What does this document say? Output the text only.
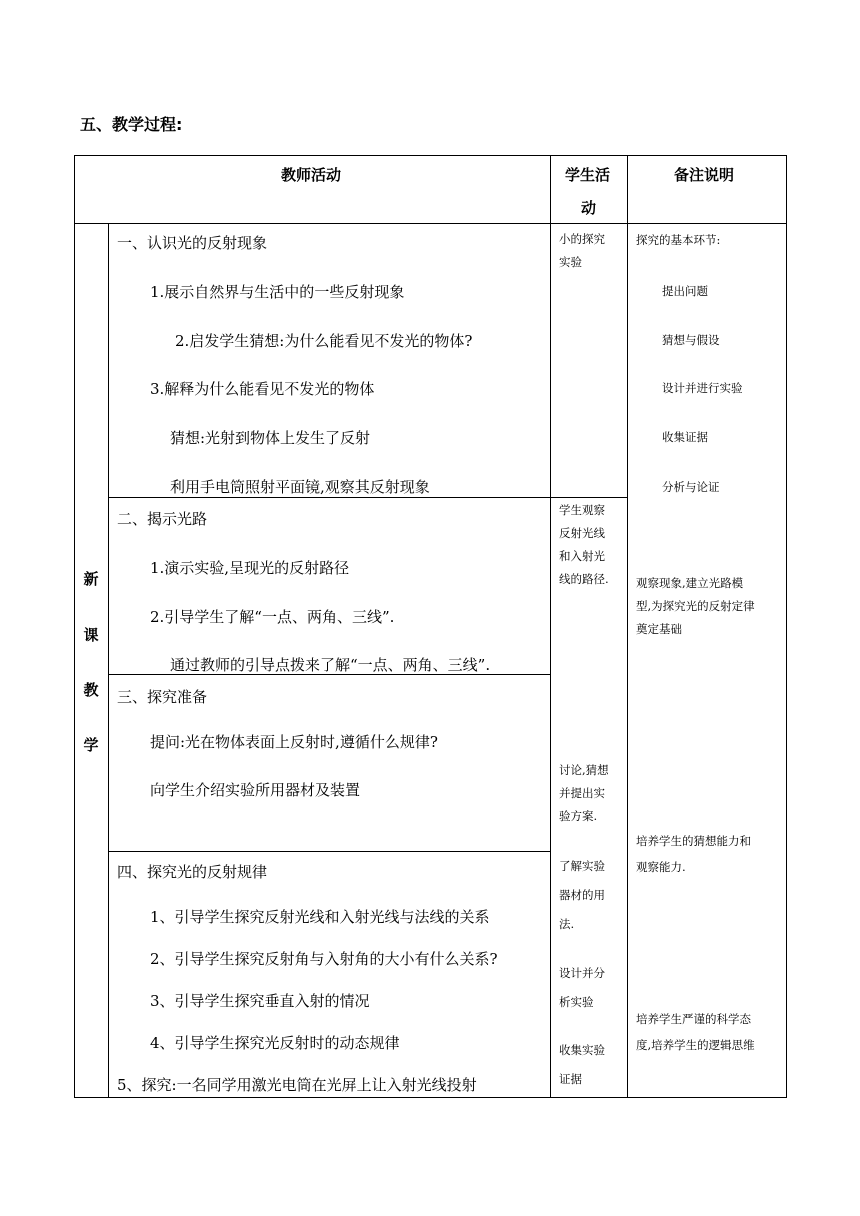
五、教学过程:
教师活动	学生活
动
备注说明
新
课
教
学
一、认识光的反射现象
1.展示自然界与生活中的一些反射现象
2.启发学生猜想:为什么能看见不发光的物体?
3.解释为什么能看见不发光的物体
猜想:光射到物体上发生了反射
利用手电筒照射平面镜,观察其反射现象
二、揭示光路
1.演示实验,呈现光的反射路径
2.引导学生了解“一点、两角、三线”.
通过教师的引导点拨来了解“一点、两角、三线”.
三、探究准备
提问:光在物体表面上反射时,遵循什么规律?
向学生介绍实验所用器材及装置
四、探究光的反射规律
1、引导学生探究反射光线和入射光线与法线的关系
2、引导学生探究反射角与入射角的大小有什么关系?
3、引导学生探究垂直入射的情况
4、引导学生探究光反射时的动态规律
5、探究:一名同学用激光电筒在光屏上让入射光线投射
小的探究
实验
学生观察
反射光线
和入射光
线的路径.
讨论,猜想
并提出实
验方案.
了解实验
器材的用
法.
设计并分
析实验
收集实验
证据
探究的基本环节:
提出问题
猜想与假设
设计并进行实验
收集证据
分析与论证
观察现象,建立光路模
型,为探究光的反射定律
奠定基础
培养学生的猜想能力和
观察能力.
培养学生严谨的科学态
度,培养学生的逻辑思维
